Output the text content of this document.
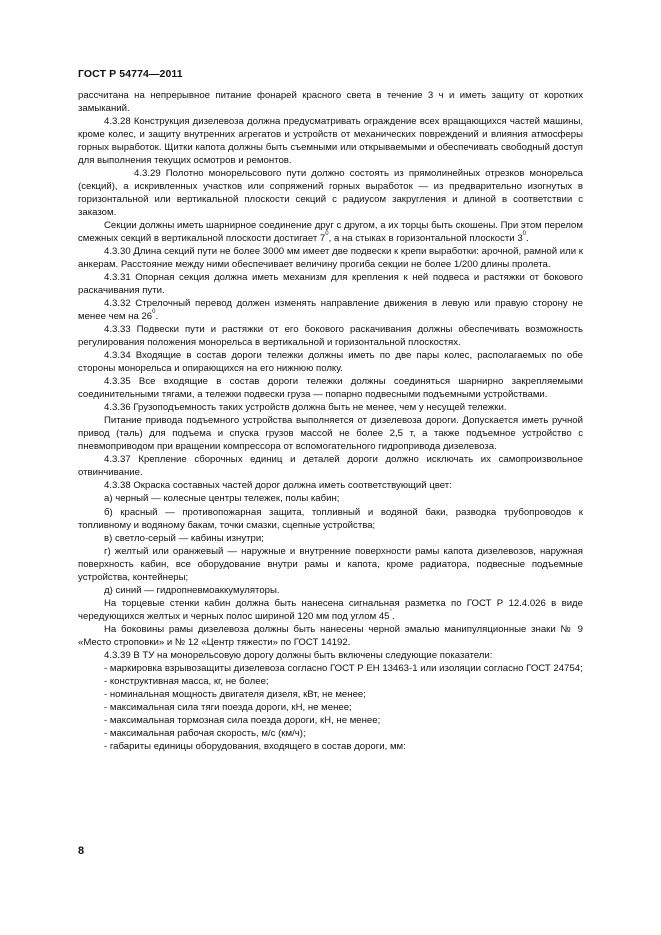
ГОСТ Р 54774—2011

рассчитана на непрерывное питание фонарей красного света в течение 3 ч и иметь защиту от коротких замыканий.

4.3.28 Конструкция дизелевоза должна предусматривать ограждение всех вращающихся частей машины, кроме колес, и защиту внутренних агрегатов и устройств от механических повреждений и влияния атмосферы горных выработок. Щитки капота должны быть съемными или открываемыми и обеспечивать свободный доступ для выполнения текущих осмотров и ремонтов.

4.3.29 Полотно монорельсового пути должно состоять из прямолинейных отрезков монорельса (секций), а искривленных участков или сопряжений горных выработок — из предварительно изогнутых в горизонтальной или вертикальной плоскости секций с радиусом закругления и длиной в соответствии с заказом.

Секции должны иметь шарнирное соединение друг с другом, а их торцы быть скошены. При этом перелом смежных секций в вертикальной плоскости достигает $7^0$, а на стыках в горизонтальной плоскости $3^0$.

4.3.30 Длина секций пути не более 3000 мм имеет две подвески к крепи выработки: арочной, рамной или к анкерам. Расстояние между ними обеспечивает величину прогиба секции не более 1/200 длины пролета.

4.3.31 Опорная секция должна иметь механизм для крепления к ней подвеса и растяжки от бокового раскачивания пути.

4.3.32 Стрелочный перевод должен изменять направление движения в левую или правую сторону не менее чем на $26^0$.

4.3.33 Подвески пути и растяжки от его бокового раскачивания должны обеспечивать возможность регулирования положения монорельса в вертикальной и горизонтальной плоскостях.

4.3.34 Входящие в состав дороги тележки должны иметь по две пары колес, располагаемых по обе стороны монорельса и опирающихся на его нижнюю полку.

4.3.35 Все входящие в состав дороги тележки должны соединяться шарнирно закрепляемыми соединительными тягами, а тележки подвески груза — попарно подвесными подъемными устройствами.

4.3.36 Грузоподъемность таких устройств должна быть не менее, чем у несущей тележки.

Питание привода подъемного устройства выполняется от дизелевоза дороги. Допускается иметь ручной привод (таль) для подъема и спуска грузов массой не более 2,5 т, а также подъемное устройство с пневмоприводом при вращении компрессора от вспомогательного гидропривода дизелевоза.

4.3.37 Крепление сборочных единиц и деталей дороги должно исключать их самопроизвольное отвинчивание.

4.3.38 Окраска составных частей дорог должна иметь соответствующий цвет:

а) черный — колесные центры тележек, полы кабин;

б) красный — противопожарная защита, топливный и водяной баки, разводка трубопроводов к топливному и водяному бакам, точки смазки, сцепные устройства;

в) светло-серый — кабины изнутри;

г) желтый или оранжевый — наружные и внутренние поверхности рамы капота дизелевозов, наружная поверхность кабин, все оборудование внутри рамы и капота, кроме радиатора, подвесные подъемные устройства, контейнеры;

д) синий — гидропневмоаккумуляторы.

На торцевые стенки кабин должна быть нанесена сигнальная разметка по ГОСТ Р 12.4.026 в виде чередующихся желтых и черных полос шириной 120 мм под углом 45°.

На боковины рамы дизелевоза должны быть нанесены черной эмалью манипуляционные знаки № 9 «Место строповки» и № 12 «Центр тяжести» по ГОСТ 14192.

4.3.39 В ТУ на монорельсовую дорогу должны быть включены следующие показатели:

- маркировка взрывозащиты дизелевоза согласно ГОСТ Р ЕН 13463-1 или изоляции согласно ГОСТ 24754;

- конструктивная масса, кг, не более;

- номинальная мощность двигателя дизеля, кВт, не менее;

- максимальная сила тяги поезда дороги, кН, не менее;

- максимальная тормозная сила поезда дороги, кН, не менее;

- максимальная рабочая скорость, м/с (км/ч);

- габариты единицы оборудования, входящего в состав дороги, мм:

8
